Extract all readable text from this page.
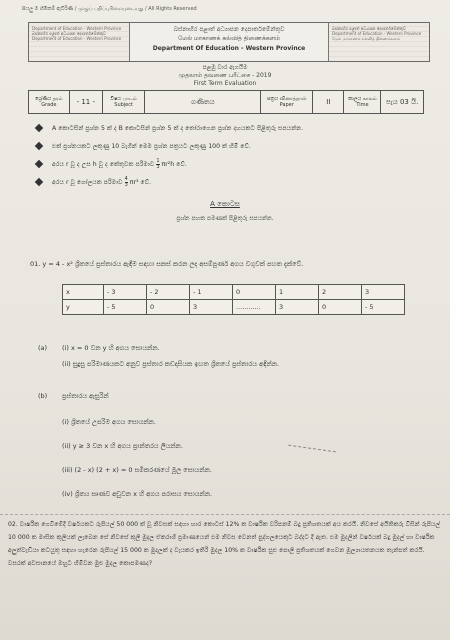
සියලු ම හිමිකම් ඇවිරිණි / முழுப் பதிப்புரிமையுடையது / All Rights Reserved
Department of Education - Western Province බස්නාහිර පළාත් අධ්‍යාපන දෙපාර්තමේන්තුව Department of Education - Western Province
බස්නාහිර පළාත් අධ්‍යාපන දෙපාර්තමේන්තුව
மேல் மாகாணக் கல்வித் திணைக்களம்
Department Of Education - Western Province
බස්නාහිර පළාත් අධ්‍යාපන දෙපාර්තමේන්තුව Department of Education - Western Province மேல் மாகாணக் கல்வித் திணைக்களம்
පළමු වාර ඇගයීම
முதலாம் தவணை பரீட்சை - 2019
First Term Evaluation
ශ්‍රේණිය தரம் Grade	- 11 -	විෂය பாடம் Subject	ගණිතය	පත්‍රය வினாத்தாள் Paper	II	කාලය காலம் Time	පැය 03 යි.
A කොටසින් ප්‍රශ්න 5 ක් ද B කොටසින් ප්‍රශ්න 5 ක් ද තෝරාගෙන ප්‍රශ්න දහයකට පිළිතුරු සපයන්න.
එක් ප්‍රශ්නයකට ලකුණු 10 බැගින් මෙම ප්‍රශ්න පත්‍රයට ලකුණු 100 ක් හිමි වේ.
අරය r වූ ද උස h වූ ද කේතුවක පරිමාව $\frac{1}{3} \pi r^2h$ වේ.
අරය r වූ ගෝලයක පරිමාව $\frac{4}{3} \pi r^3$ වේ.
A කොටස
ප්‍රශ්න පහක පමණක් පිළිතුරු සපයන්න.
01. y = 4 - x² ශ්‍රිතයේ ප්‍රස්තාරය ඇඳීම සඳහා සකස් කරන ලද අසම්පූර්ණ අගය වගුවක් පහත දැක්වේ.
x	- 3	- 2	- 1	0	1	2	3
y	- 5	0	3	............	3	0	- 5
(a) (i) x = 0 වන y හි අගය සොයන්න.
(ii) සුදුසු පරිමාණයකට අනුව ප්‍රස්තාර කඩදාසියක ඉහත ශ්‍රිතයේ ප්‍රස්තාරය අඳින්න.
(b) ප්‍රස්තාරය ඇසුරින්
(i) ශ්‍රිතයේ උපරිම අගය සොයන්න.
(ii) y ≥ 3 වන x හි අගය ප්‍රාන්තරය ලියන්න.
(iii) (2 - x) (2 + x) = 0 සමීකරණයේ මූල සොයන්න.
(iv) ශ්‍රිතය සෘණව අඩුවන x හි අගය පරාසය සොයන්න.
02. වාර්ෂික ගෙවීමේදී වර්ෂයකට රුපියල් 50 000 ක් වූ නිවසක් සඳහා හාර කොටස් 12% ක වාර්ෂික වරිපනම් බදු ප්‍රතිශතයක් අය කරයි. නිවසේ අයිතිකරු විසින් රුපියල් 10 000 ක මාසික කුලියක් ලැබෙන සේ නිවසේ කුලී මුදල ඒකරාශි ප්‍රමාණයෙන් එම නිවස වෙනත් පුද්ගලයෙකුට බද්දට දී ඇත. එම මුදලින් වර්ෂයක් බදු මුදල් හා වාර්ෂික අලුත්වැඩියා කටයුතු සඳහා හැරෙන රුපියල් 15 000 ක මුදලක් ද වැයකර ඉතිරි මුදල 10% ක වාර්ෂික සුළු පොලී ප්‍රතිශතයක් ගෙවන මූල්‍යායතනයක තැන්පත් කරයි. වසරක් අවසානයේ ඔහුට හිමිවන මුළු මුදල කොපමණද?
